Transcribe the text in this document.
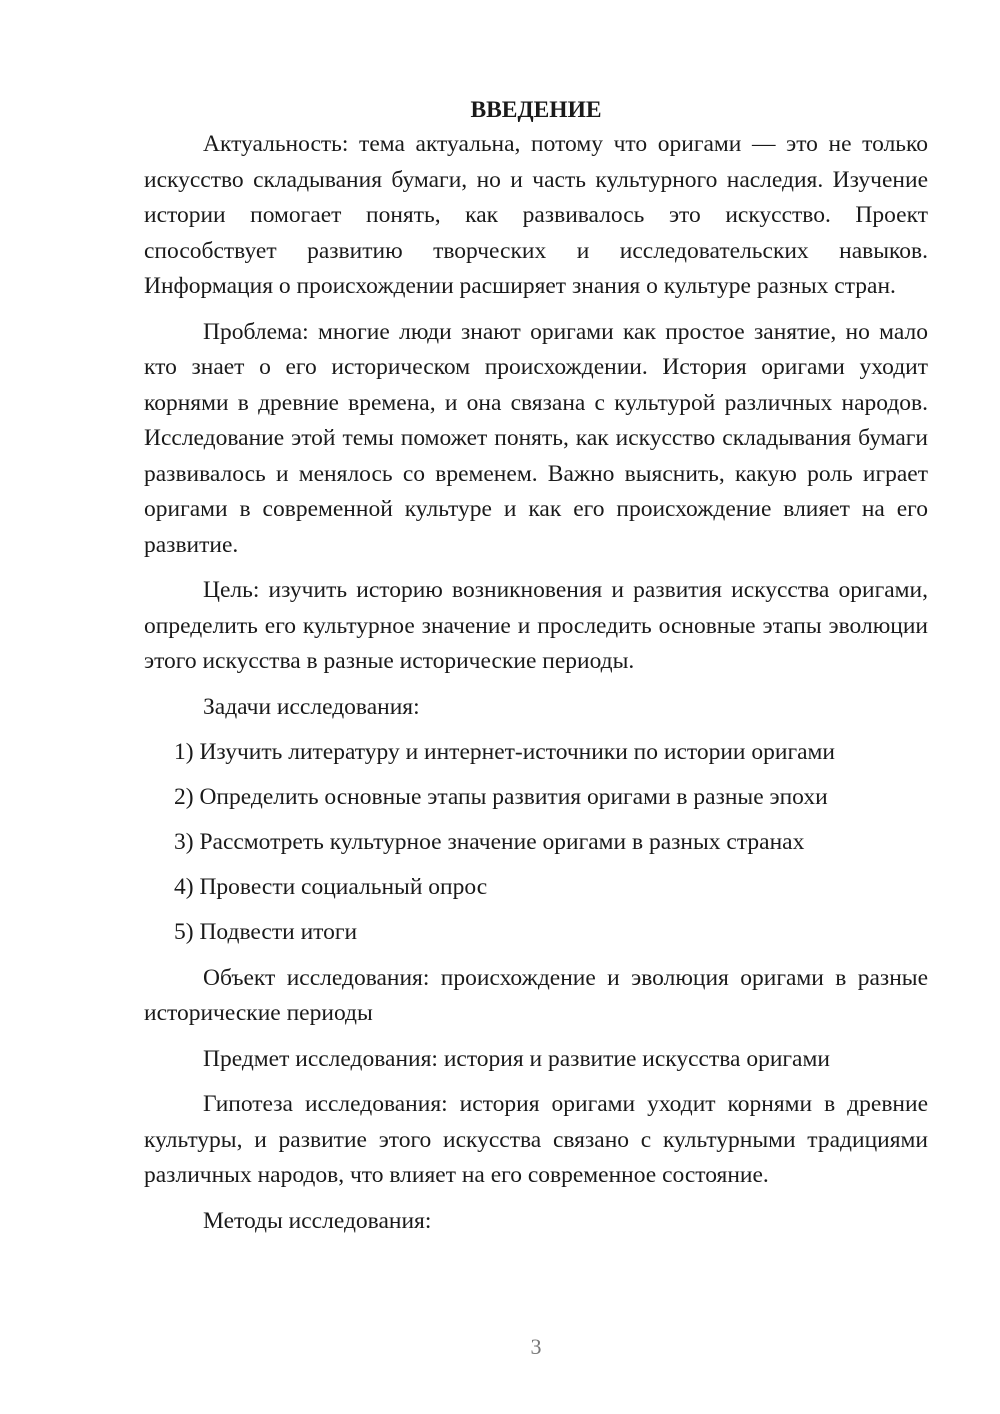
ВВЕДЕНИЕ

Актуальность: тема актуальна, потому что оригами — это не только искусство складывания бумаги, но и часть культурного наследия. Изучение истории помогает понять, как развивалось это искусство. Проект способствует развитию творческих и исследовательских навыков. Информация о происхождении расширяет знания о культуре разных стран.

Проблема: многие люди знают оригами как простое занятие, но мало кто знает о его историческом происхождении. История оригами уходит корнями в древние времена, и она связана с культурой различных народов. Исследование этой темы поможет понять, как искусство складывания бумаги развивалось и менялось со временем. Важно выяснить, какую роль играет оригами в современной культуре и как его происхождение влияет на его развитие.

Цель: изучить историю возникновения и развития искусства оригами, определить его культурное значение и проследить основные этапы эволюции этого искусства в разные исторические периоды.

Задачи исследования:

1) Изучить литературу и интернет-источники по истории оригами
2) Определить основные этапы развития оригами в разные эпохи
3) Рассмотреть культурное значение оригами в разных странах
4) Провести социальный опрос
5) Подвести итоги

Объект исследования: происхождение и эволюция оригами в разные исторические периоды

Предмет исследования: история и развитие искусства оригами

Гипотеза исследования: история оригами уходит корнями в древние культуры, и развитие этого искусства связано с культурными традициями различных народов, что влияет на его современное состояние.

Методы исследования:

3
